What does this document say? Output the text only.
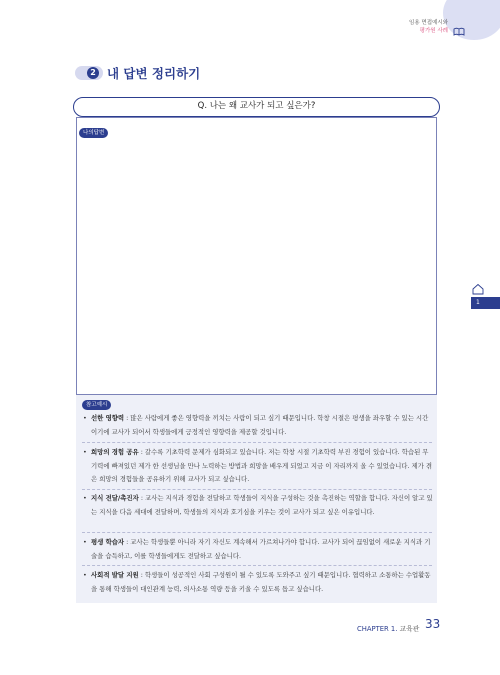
임용 면접예시와
평가원 사례
2 내 답변 정리하기
Q. 나는 왜 교사가 되고 싶은가?
나의답변
참고예시
• 선한 영향력 : 많은 사람에게 좋은 영향력을 끼치는 사람이 되고 싶기 때문입니다. 학창 시절은 평생을 좌우할 수 있는 시간이기에 교사가 되어서 학생들에게 긍정적인 영향력을 제공할 것입니다.
• 희망의 경험 공유 : 갈수록 기초학력 문제가 심화되고 있습니다. 저는 학창 시절 기초학력 부진 경험이 있습니다. 학습된 무기력에 빠져있던 제가 한 선생님을 만나 노력하는 방법과 희망을 배우게 되었고 지금 이 자리까지 올 수 있었습니다. 제가 겪은 희망의 경험들을 공유하기 위해 교사가 되고 싶습니다.
• 지식 전달/촉진자 : 교사는 지식과 경험을 전달하고 학생들이 지식을 구성하는 것을 촉진하는 역할을 합니다. 자신이 알고 있는 지식을 다음 세대에 전달하며, 학생들의 지식과 호기심을 키우는 것이 교사가 되고 싶은 이유입니다.
• 평생 학습자 : 교사는 학생들뿐 아니라 자기 자신도 계속해서 가르쳐나가야 합니다. 교사가 되어 끊임없이 새로운 지식과 기술을 습득하고, 이를 학생들에게도 전달하고 싶습니다.
• 사회적 발달 지원 : 학생들이 성공적인 사회 구성원이 될 수 있도록 도와주고 싶기 때문입니다. 협력하고 소통하는 수업활동을 통해 학생들이 대인관계 능력, 의사소통 역량 등을 키울 수 있도록 돕고 싶습니다.
1
CHAPTER 1. 교육관 33
